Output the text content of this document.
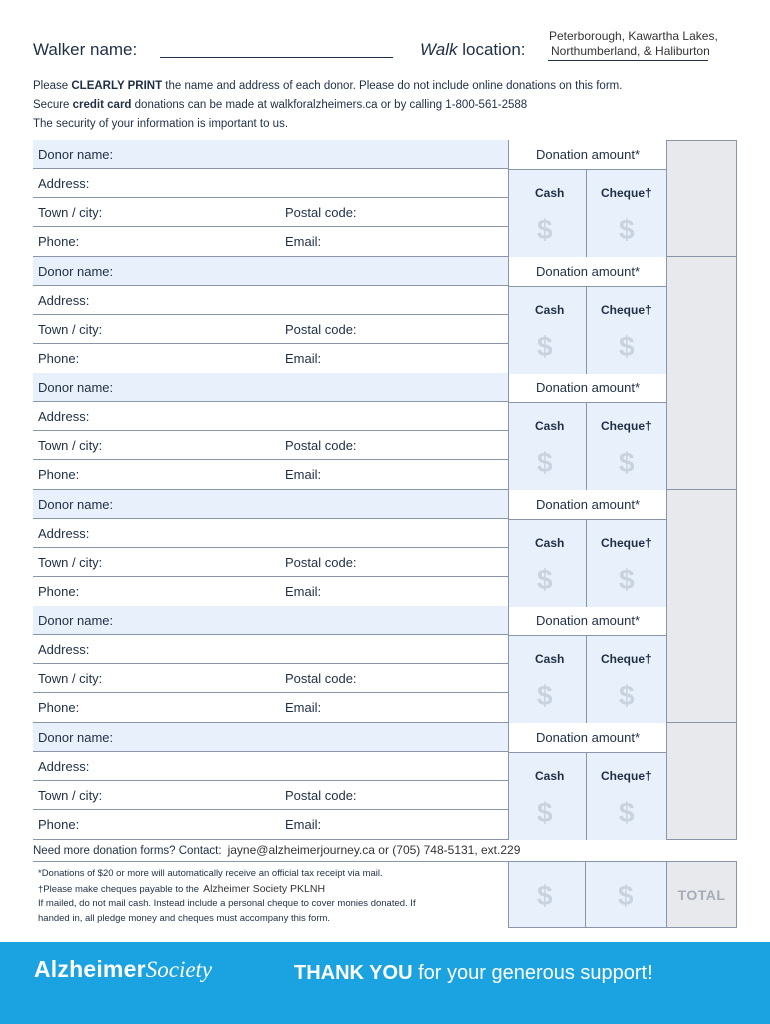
Walker name:	Walk location:
Peterborough, Kawartha Lakes,
Northumberland, & Haliburton
Please CLEARLY PRINT the name and address of each donor. Please do not include online donations on this form.
Secure credit card donations can be made at walkforalzheimers.ca or by calling 1-800-561-2588
The security of your information is important to us.
Donor name:
Address:
Town / city:	Postal code:
Phone:	Email:
Donation amount*
Cash
$
Cheque†
$
Donor name:
Address:
Town / city:	Postal code:
Phone:	Email:
Donation amount*
Cash
$
Cheque†
$
Donor name:
Address:
Town / city:	Postal code:
Phone:	Email:
Donation amount*
Cash
$
Cheque†
$
Donor name:
Address:
Town / city:	Postal code:
Phone:	Email:
Donation amount*
Cash
$
Cheque†
$
Donor name:
Address:
Town / city:	Postal code:
Phone:	Email:
Donation amount*
Cash
$
Cheque†
$
Donor name:
Address:
Town / city:	Postal code:
Phone:	Email:
Donation amount*
Cash
$
Cheque†
$
Need more donation forms? Contact: jayne@alzheimerjourney.ca or (705) 748-5131, ext.229
*Donations of $20 or more will automatically receive an official tax receipt via mail.
†Please make cheques payable to the Alzheimer Society PKLNH
If mailed, do not mail cash. Instead include a personal cheque to cover monies donated. If
handed in, all pledge money and cheques must accompany this form.
$ $	TOTAL
AlzheimerSociety	THANK YOU for your generous support!
